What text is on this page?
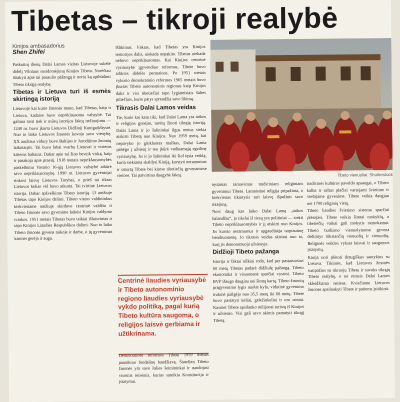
Tibetas – tikroji realybė
Kinijos ambasadorius
Shen Zhifei

Paskutinį dienų Dalai Lamos vizitas Lietuvoje sukėlė didelį Vilniaus susidomėjimą Kinijos Tibetu. Norėčiau išsakyti apie tai pasaulio pažangą ir noriu ką apibūdinti Tibeto tikrąją realybę.

Tibetas ir Lietuva turi iš esmės skirtingą istoriją

Lietuvoje kai kurie žmonės mano, kad Tibetas, kaip ir Lietuva, kadaise buvo nepriklausoma valstybė. Tai galima rasti tiek ir mūsų istorijos faktų nežinojimu — 1240 m. buvo įkurta Lietuvos Didžioji Kunigaikštystė. Nuo to laiko Lietuvos žmonės kovojo savo vienybę. XX amžiaus vidury buvo Baltijos ir Jurodijimo žmonių laikotarpis. Tai buvo labai svarbu Lietuvai ir visiems kitiems baltams. Dabar apie tai žino beveik viską, kaip ir pasakoja apie praeitį. 1918 metais nepriklausomybės paskelbimu Vasario 16-ąją Lietuvos valstybė atkūrė savo nepriklausomybę. 1990 m. Lietuvos gyventojai rinkosi laisvę Lietuvos Tarybai, o prieš tai tikras Lietuvos kelias vėl buvo atkurta. Tai tvirtinė Lietuvos istorija. Dabar apžvelkime Tibeto istoriją. 13 amžiuje Tibetas tapo Kinijos dalimi. Tibeto vietos valdininkus kiekviename amžiuje skirdavo centrinė valdžia ir Tibeto žmonės savo gyvenime laikėsi Kinijos valdymo tvarkos. 1951 metais Tibetas buvo taikiai išlaisvintas ir tapo Kinijos Liaudies Respublikos dalimi. Nuo to laiko Tibeto žmonės gyvena taikoje ir darbe, o jų gyvenimas kasmet gerėja ir auga.

Išlikimas. Faktas, kad Tibetas yra Kinijos teritorijos dalis, niekada nepakito. Tibetas niekada nebuvo nepriklausomas. Kai Kinijos centrinė vyriausybė įgyvendino reformas, Tibete buvo atliktos didelės permainos. Po 1951 metais vykusio demokratinio reformos 1965 metais buvo įkurtas Tibeto autonominis regionas kaip Kinijos dalis ir visi tibetiečiai tapo lygiateisiais šalies piliečiais, kurie patys sprendžia savo likimą.

Tikrasis Dalai Lamos veidas

Tie, kurie kai kam tiki, kad Dalai Lama yra taikos ir religijos gynėjas, turėtų žinoti tikrąją istoriją. Dalai Lama ir jo šalininkai ilgus metus siekia atskirti Tibetą nuo Kinijos. Nuo 1959 metų, kai nepavyko jo ginkluotas maištas, Dalai Lama pabėgo į užsienį ir ten įkūrė vadinamąją egzilinę vyriausybę. Jis ir jo šalininkai iki šiol tęsia veiklą, kuria siekiama skaldyti Kiniją, kurstyti neramumus ir smurtą Tibete bei kitose tibetiečių gyvenamose vietose. Tai patvirtina daugybė faktų.

Centrinė liaudies vyriausybė ir Tibeto autonominio regiono liaudies vyriausybė vykdo politiką, pagal kurią Tibeto kultūra saugoma, o religijos laisvė gerbiama ir užtikrinama.

Demokratinės reformos Tibete 1959 metais panaikino feodalinę baudžiavą. Šiandien Tibeto žmonės yra savo šalies šeimininkai ir naudojasi visomis teisėmis, kurias suteikia Konstitucija ir įstatymai.

Tibeto vienuoliai. Shutterstock

tęsiamas tarnavimas tradiciniam religiniam gyvenimui Tibete. Lamaistinė religija pripažinta, o kiekvienas tikintysis turi laisvę išpažinti savo tikėjimą.

Nors daug kas laiko Dalai Lamą „taikos balandžiu“, jo tikslai iš tiesų yra politiniai — siekti Tibeto nepriklausomybės ir jį atskirti nuo Kinijos. Jis kursto neramumus ir apgaudinėja tarptautinę bendruomenę. Jo tikrasis veidas skiriasi nuo to, kurį jis demonstruoja užsienyje.

Didžioji Tibeto pažanga

Istorija ir faktai aiškiai rodo, kad per pastaruosius 60 metų Tibetas padarė didžiulę pažangą. Tibeto ekonomika ir visuomenė sparčiai vystosi. Tibeto BVP išaugo daugiau nei šimtą kartų. Tibeto žmonių pragyvenimo lygis nuolat kyla, vidutinė gyvenimo trukmė pailgėjo nuo 35,5 metų iki 68 metų. Tibete buvo pastatyti keliai, geležinkeliai ir oro uostai. Kasmet Tibete apsilanko milijonai turistų iš Kinijos ir užsienio. Visi gali savo akimis pamatyti tikrąjį Tibetą.

tradicinės kultūros paveldo apsaugai, o Tibeto kalba ir raštas plačiai vartojami švietime ir viešajame gyvenime. Tibete veikia daugiau nei 1700 religinių vietų.

Tibeto liaudies švietimo sistema sparčiai plėtojasi. Tibete veikia šimtai mokyklų, o tibetiečių vaikai gali mokytis nemokamai. Tibeto budizmo vienuolynuose gyvena dešimtys tūkstančių vienuolių ir vienuolių. Religinės veiklos vyksta laisvai ir saugomos įstatymų.

Kinija nori plėtoti draugiškus santykius su Lietuva. Tikimės, kad Lietuvos žmonės susipažins su tikruoju Tibetu ir suvoks tikrąją Tibeto realybę, o ne remsis Dalai Lamos skleidžiama netiesa. Kviečiame Lietuvos žmones apsilankyti Tibete ir patiems įsitikinti.
